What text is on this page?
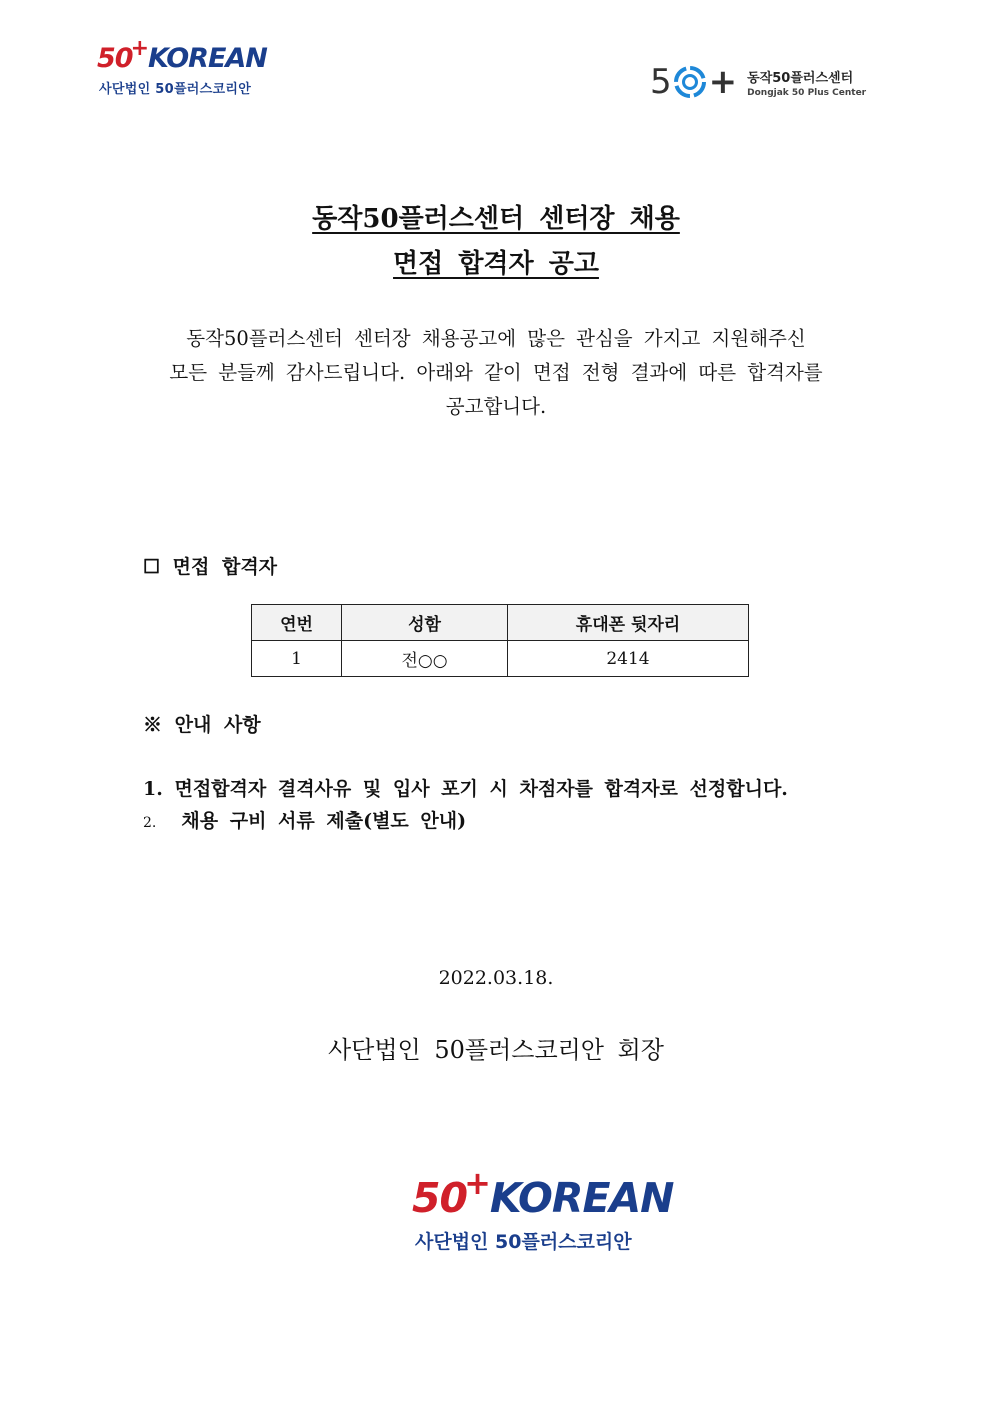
50+KOREAN
사단법인 50플러스코리안	5 + 동작50플러스센터
Dongjak 50 Plus Center
동작50플러스센터 센터장 채용
면접 합격자 공고
동작50플러스센터 센터장 채용공고에 많은 관심을 가지고 지원해주신
모든 분들께 감사드립니다. 아래와 같이 면접 전형 결과에 따른 합격자를
공고합니다.
☐ 면접 합격자
연번	성함	휴대폰 뒷자리
1	전○○	2414
※ 안내 사항
1. 면접합격자 결격사유 및 입사 포기 시 차점자를 합격자로 선정합니다.
2. 채용 구비 서류 제출(별도 안내)
2022.03.18.
사단법인 50플러스코리안 회장
50+KOREAN
사단법인 50플러스코리안
